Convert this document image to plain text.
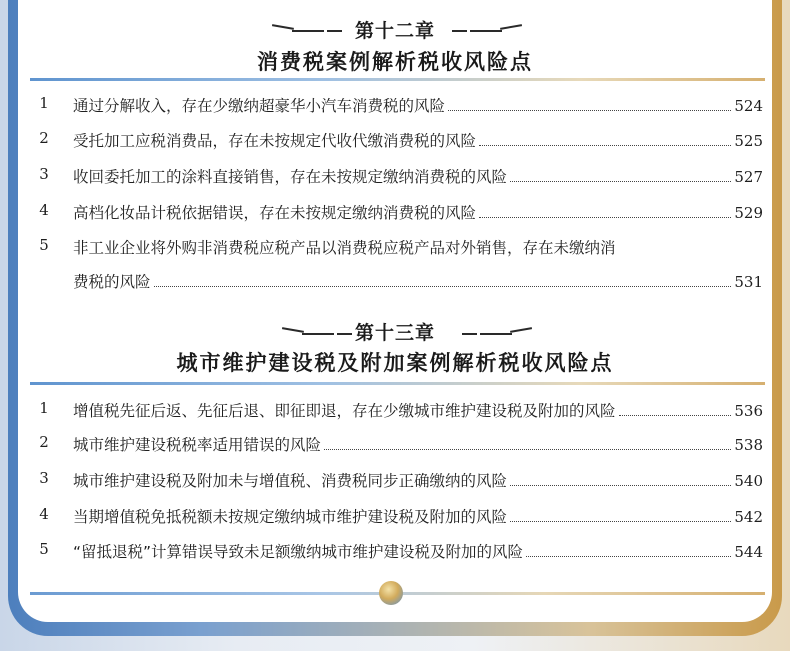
第十二章
消费税案例解析税收风险点
1 通过分解收入，存在少缴纳超豪华小汽车消费税的风险	524
2 受托加工应税消费品，存在未按规定代收代缴消费税的风险	525
3 收回委托加工的涂料直接销售，存在未按规定缴纳消费税的风险	527
4 高档化妆品计税依据错误，存在未按规定缴纳消费税的风险	529
5 非工业企业将外购非消费税应税产品以消费税应税产品对外销售，存在未缴纳消
费税的风险	531
第十三章
城市维护建设税及附加案例解析税收风险点
1 增值税先征后返、先征后退、即征即退，存在少缴城市维护建设税及附加的风险	536
2 城市维护建设税税率适用错误的风险	538
3 城市维护建设税及附加未与增值税、消费税同步正确缴纳的风险	540
4 当期增值税免抵税额未按规定缴纳城市维护建设税及附加的风险	542
5 “留抵退税”计算错误导致未足额缴纳城市维护建设税及附加的风险	544
